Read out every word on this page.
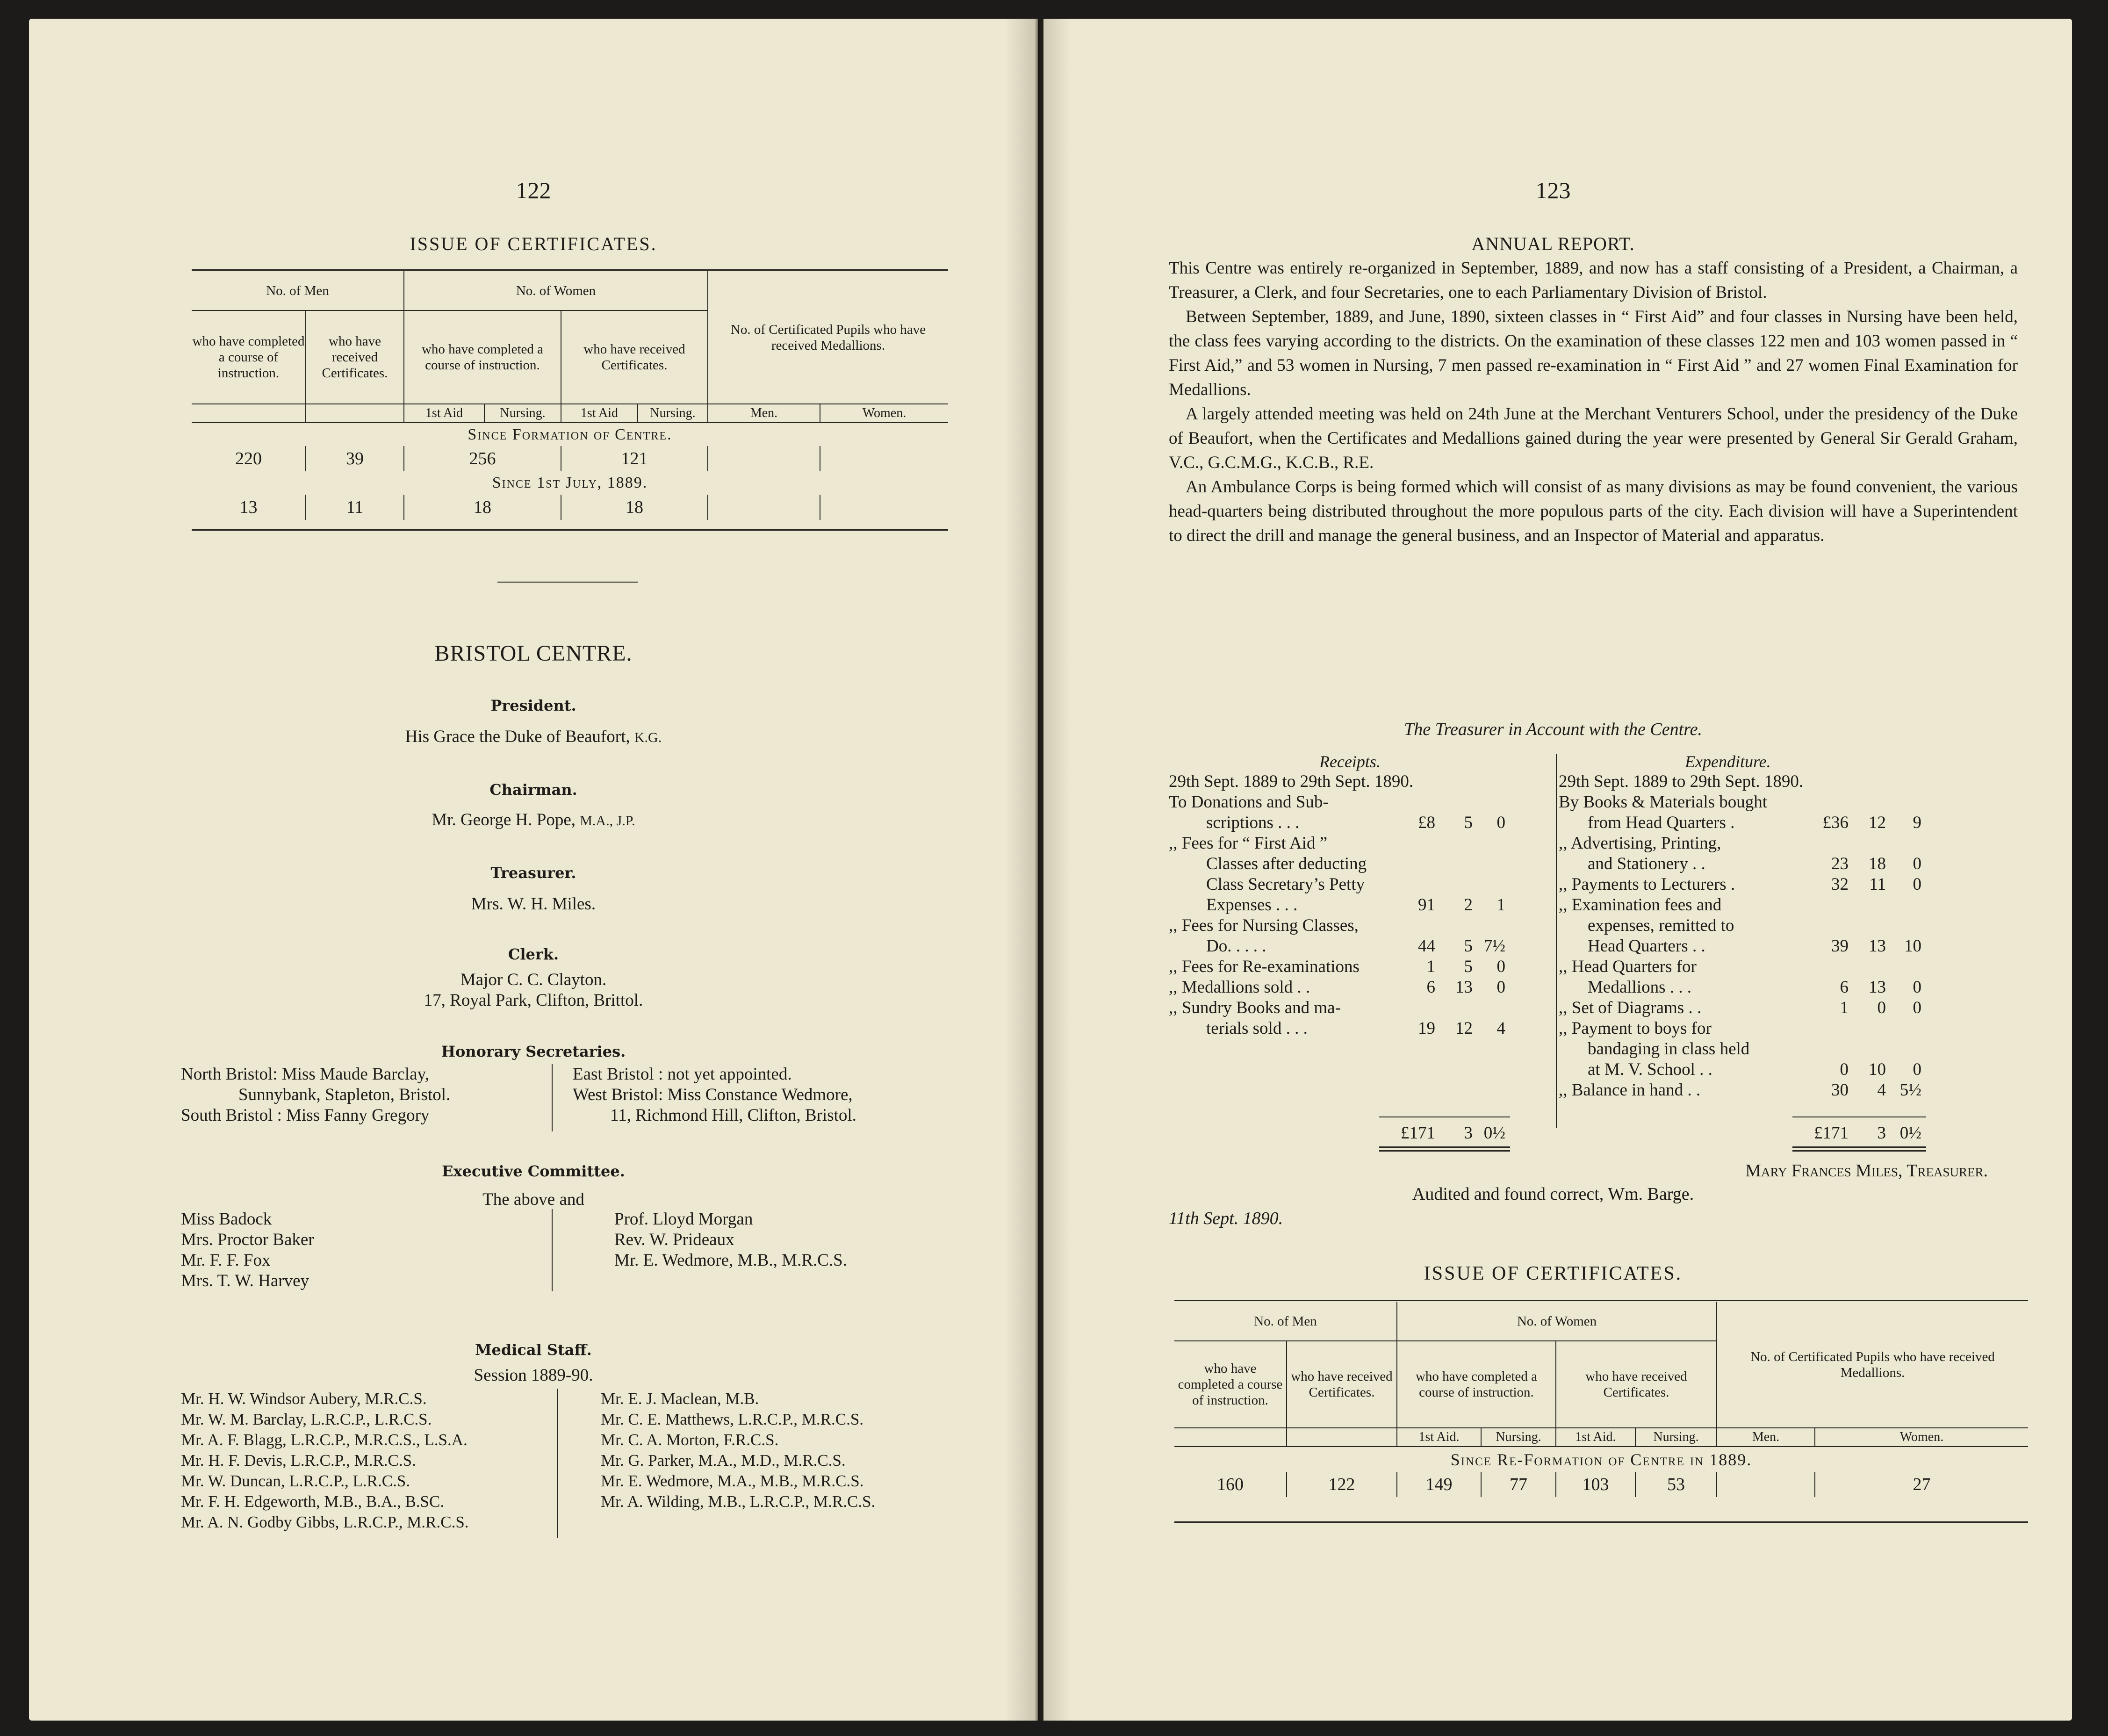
122
ISSUE OF CERTIFICATES.
No. of Men		No. of Women				No. of Certificated Pupils who have received Medallions.	
who have completed a course of instruction.	who have received Certificates.	who have completed a course of instruction.		who have received Certificates.			
		1st Aid	Nursing.	1st Aid	Nursing.	Men.	Women.
Since Formation of Centre.							
220	39	256		121			
Since 1st July, 1889.							
13	11	18		18			
BRISTOL CENTRE.
President.
His Grace the Duke of Beaufort, K.G.
Chairman.
Mr. George H. Pope, M.A., J.P.
Treasurer.
Mrs. W. H. Miles.
Clerk.
Major C. C. Clayton.
17, Royal Park, Clifton, Brittol.
Honorary Secretaries.
North Bristol: Miss Maude Barclay,
Sunnybank, Stapleton, Bristol.
South Bristol : Miss Fanny Gregory
East Bristol : not yet appointed.
West Bristol: Miss Constance Wedmore,
11, Richmond Hill, Clifton, Bristol.
Executive Committee.
The above and
Miss Badock
Mrs. Proctor Baker
Mr. F. F. Fox
Mrs. T. W. Harvey
Prof. Lloyd Morgan
Rev. W. Prideaux
Mr. E. Wedmore, M.B., M.R.C.S.
Medical Staff.
Session 1889-90.
Mr. H. W. Windsor Aubery, M.R.C.S.
Mr. W. M. Barclay, L.R.C.P., L.R.C.S.
Mr. A. F. Blagg, L.R.C.P., M.R.C.S., L.S.A.
Mr. H. F. Devis, L.R.C.P., M.R.C.S.
Mr. W. Duncan, L.R.C.P., L.R.C.S.
Mr. F. H. Edgeworth, M.B., B.A., B.SC.
Mr. A. N. Godby Gibbs, L.R.C.P., M.R.C.S.
Mr. E. J. Maclean, M.B.
Mr. C. E. Matthews, L.R.C.P., M.R.C.S.
Mr. C. A. Morton, F.R.C.S.
Mr. G. Parker, M.A., M.D., M.R.C.S.
Mr. E. Wedmore, M.A., M.B., M.R.C.S.
Mr. A. Wilding, M.B., L.R.C.P., M.R.C.S.
123
ANNUAL REPORT.

This Centre was entirely re-organized in September, 1889, and now has a staff consisting of a President, a Chairman, a Treasurer, a Clerk, and four Secretaries, one to each Parliamentary Division of Bristol.

Between September, 1889, and June, 1890, sixteen classes in “ First Aid” and four classes in Nursing have been held, the class fees varying according to the districts. On the examination of these classes 122 men and 103 women passed in “ First Aid,” and 53 women in Nursing, 7 men passed re-examination in “ First Aid ” and 27 women Final Examination for Medallions.

A largely attended meeting was held on 24th June at the Merchant Venturers School, under the presidency of the Duke of Beaufort, when the Certificates and Medallions gained during the year were presented by General Sir Gerald Graham, V.C., G.C.M.G., K.C.B., R.E.

An Ambulance Corps is being formed which will consist of as many divisions as may be found convenient, the various head-quarters being distributed throughout the more populous parts of the city. Each division will have a Superintendent to direct the drill and manage the general business, and an Inspector of Material and apparatus.

The Treasurer in Account with the Centre.
Receipts.
29th Sept. 1889 to 29th Sept. 1890.
To Donations and Sub-
scriptions . . .	£8	5	0
,, Fees for “ First Aid ”
Classes after deducting
Class Secretary’s Petty
Expenses . . .	91	2	1
,, Fees for Nursing Classes,
Do. . . . .	44	5 7½
,, Fees for Re-examinations	1	5	0
,, Medallions sold . .	6	13	0
,, Sundry Books and ma-
terials sold . . .	19	12	4
£171	3 0½
Expenditure.
29th Sept. 1889 to 29th Sept. 1890.
By Books & Materials bought
from Head Quarters .	£36	12	9
,, Advertising, Printing,
and Stationery . .	23	18	0
,, Payments to Lecturers .	32	11	0
,, Examination fees and
expenses, remitted to
Head Quarters . .	39	13	10
,, Head Quarters for
Medallions . . .	6	13	0
,, Set of Diagrams . .	1	0	0
,, Payment to boys for
bandaging in class held
at M. V. School . .	0	10	0
,, Balance in hand . .	30	4 5½
£171	3 0½
Mary Frances Miles, Treasurer.
Audited and found correct, Wm. Barge.
11th Sept. 1890.
ISSUE OF CERTIFICATES.
No. of Men		No. of Women				No. of Certificated Pupils who have received Medallions.	
who have completed a course of instruction.	who have received Certificates.	who have completed a course of instruction.		who have received Certificates.			
		1st Aid.	Nursing.	1st Aid.	Nursing.	Men.	Women.
Since Re-Formation of Centre in 1889.							
160	122	149	77	103	53		27
